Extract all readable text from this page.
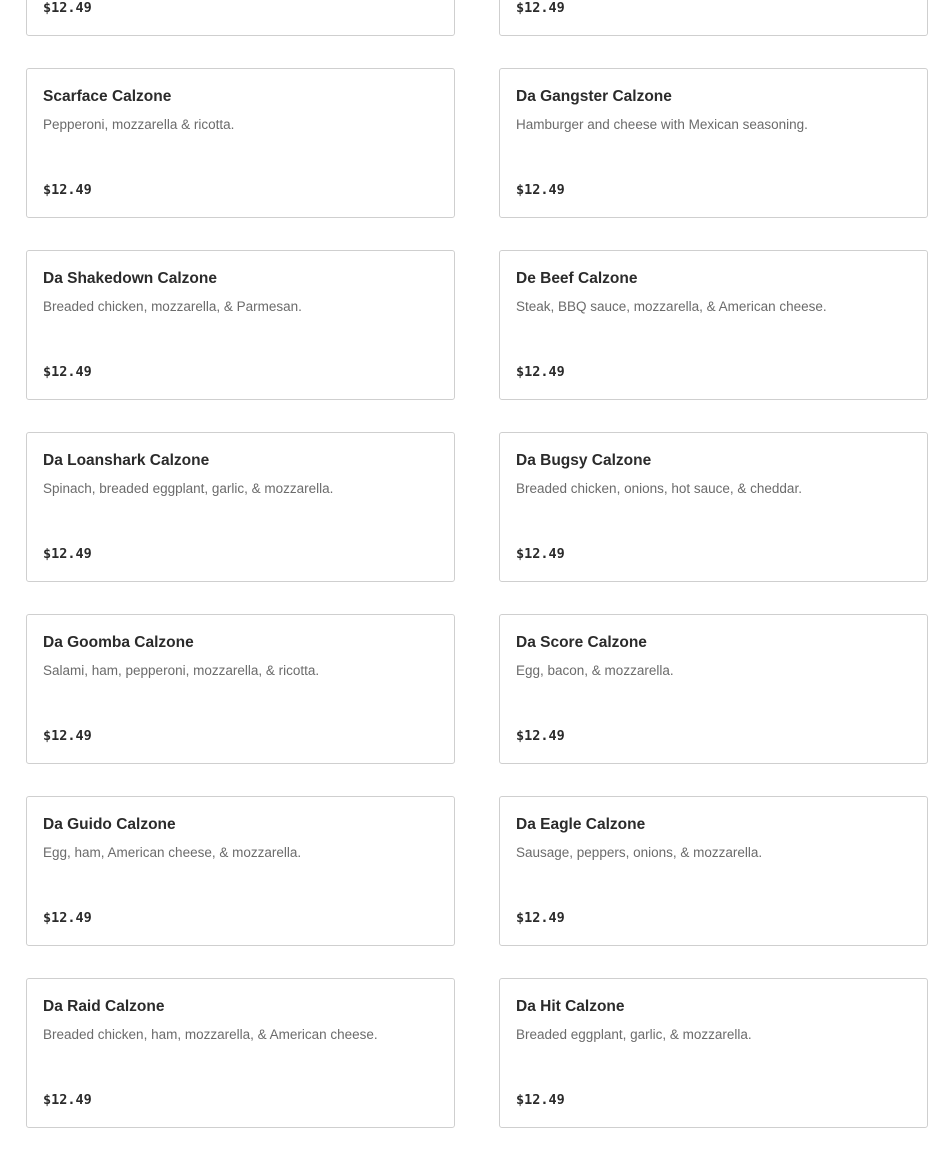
$12.49	$12.49
Scarface Calzone
Pepperoni, mozzarella & ricotta.
$12.49
Da Gangster Calzone
Hamburger and cheese with Mexican seasoning.
$12.49
Da Shakedown Calzone
Breaded chicken, mozzarella, & Parmesan.
$12.49
De Beef Calzone
Steak, BBQ sauce, mozzarella, & American cheese.
$12.49
Da Loanshark Calzone
Spinach, breaded eggplant, garlic, & mozzarella.
$12.49
Da Bugsy Calzone
Breaded chicken, onions, hot sauce, & cheddar.
$12.49
Da Goomba Calzone
Salami, ham, pepperoni, mozzarella, & ricotta.
$12.49
Da Score Calzone
Egg, bacon, & mozzarella.
$12.49
Da Guido Calzone
Egg, ham, American cheese, & mozzarella.
$12.49
Da Eagle Calzone
Sausage, peppers, onions, & mozzarella.
$12.49
Da Raid Calzone
Breaded chicken, ham, mozzarella, & American cheese.
$12.49
Da Hit Calzone
Breaded eggplant, garlic, & mozzarella.
$12.49
